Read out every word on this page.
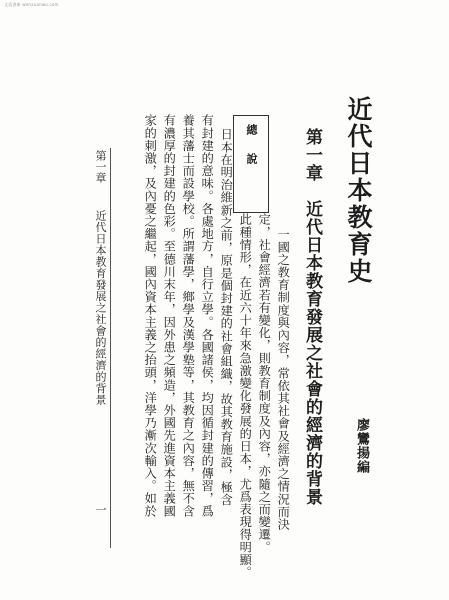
文爲書庫 wenxuanwu.com
近代日本教育史
廖鸞揚編
第一章　近代日本教育發展之社會的經濟的背景
總說
一國之教育制度與內容，常依其社會及經濟之情況而決
定，社會經濟若有變化，則教育制度及內容，亦隨之而變遷。
此種情形，在近六十年來急激變化發展的日本，尤爲表現得明顯。
日本在明治維新之前，原是個封建的社會組織，故其教育施設，極含
有封建的意味。各處地方，自行立學。各國諸侯，均因循封建的傳習，爲
養其藩士而設學校。所謂藩學，鄉學及漢學塾等，其教育之內容，無不含
有濃厚的封建的色彩。至德川末年，因外患之頻造，外國先進資本主義國
家的刺激，及內憂之繼起，國內資本主義之抬頭，洋學乃漸次輸入。如於
第一章
近代日本教育發展之社會的經濟的背景
一
